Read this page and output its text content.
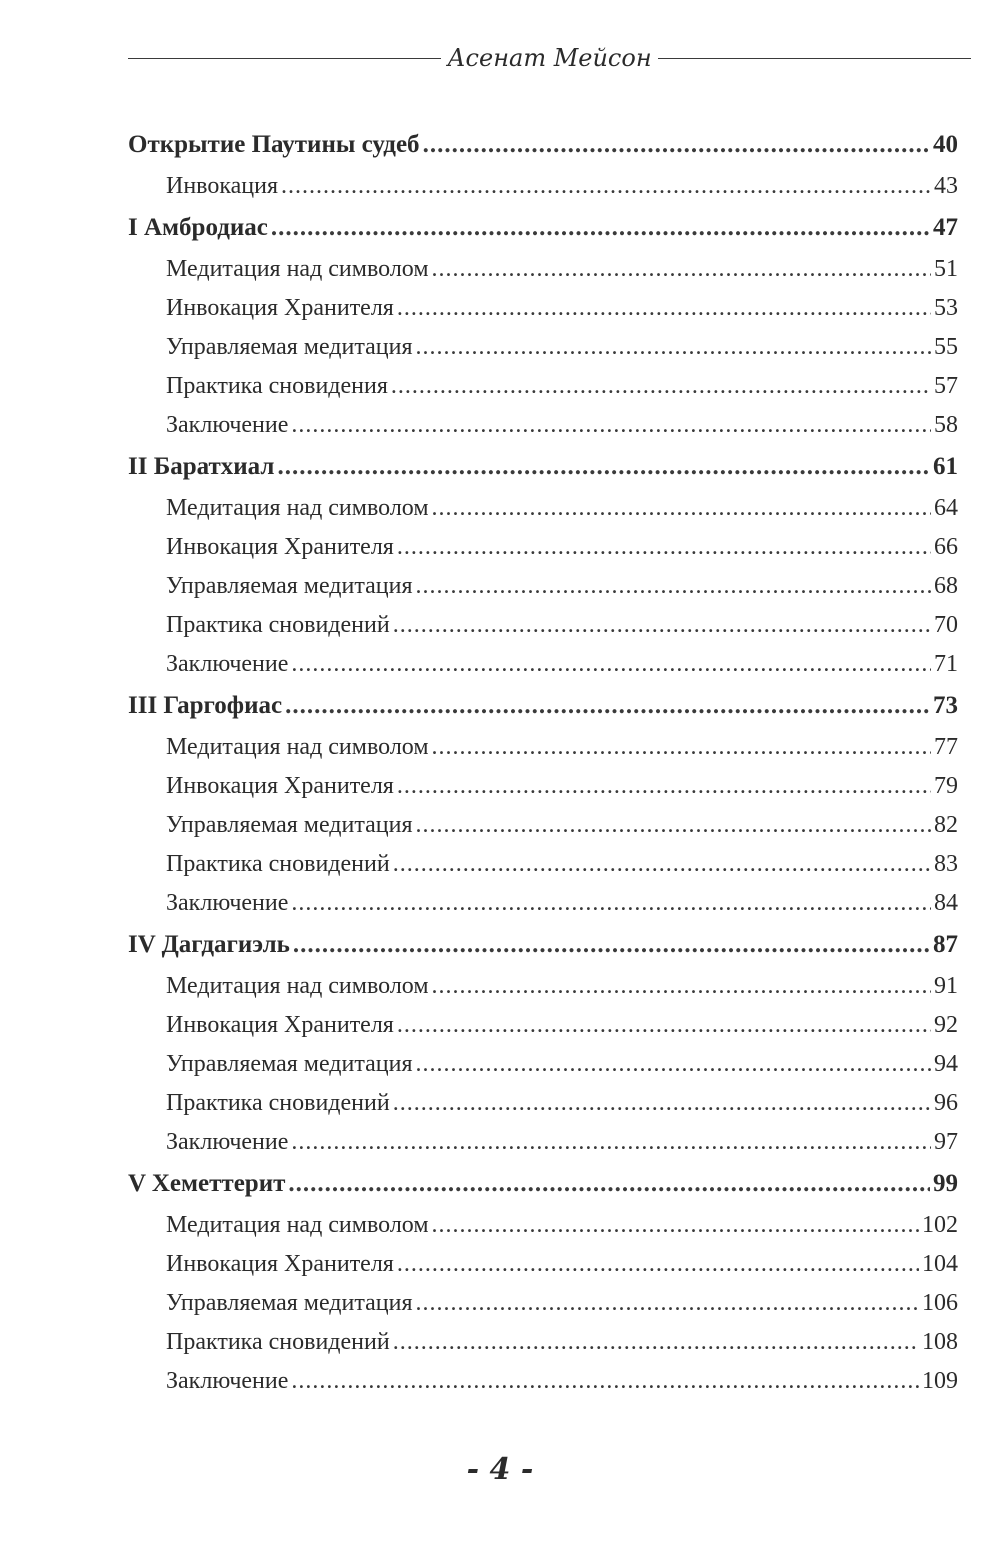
Асенат Мейсон
Открытие Паутины судеб .....	40
Инвокация .....	43
I Амбродиас .....	47
Медитация над символом .....	51
Инвокация Хранителя .....	53
Управляемая медитация .....	55
Практика сновидения .....	57
Заключение .....	58
II Баратхиал .....	61
Медитация над символом .....	64
Инвокация Хранителя .....	66
Управляемая медитация .....	68
Практика сновидений .....	70
Заключение .....	71
III Гаргофиас .....	73
Медитация над символом .....	77
Инвокация Хранителя .....	79
Управляемая медитация .....	82
Практика сновидений .....	83
Заключение .....	84
IV Дагдагиэль .....	87
Медитация над символом .....	91
Инвокация Хранителя .....	92
Управляемая медитация .....	94
Практика сновидений .....	96
Заключение .....	97
V Хеметтерит .....	99
Медитация над символом .....	102
Инвокация Хранителя .....	104
Управляемая медитация .....	106
Практика сновидений .....	108
Заключение .....	109
- 4 -
